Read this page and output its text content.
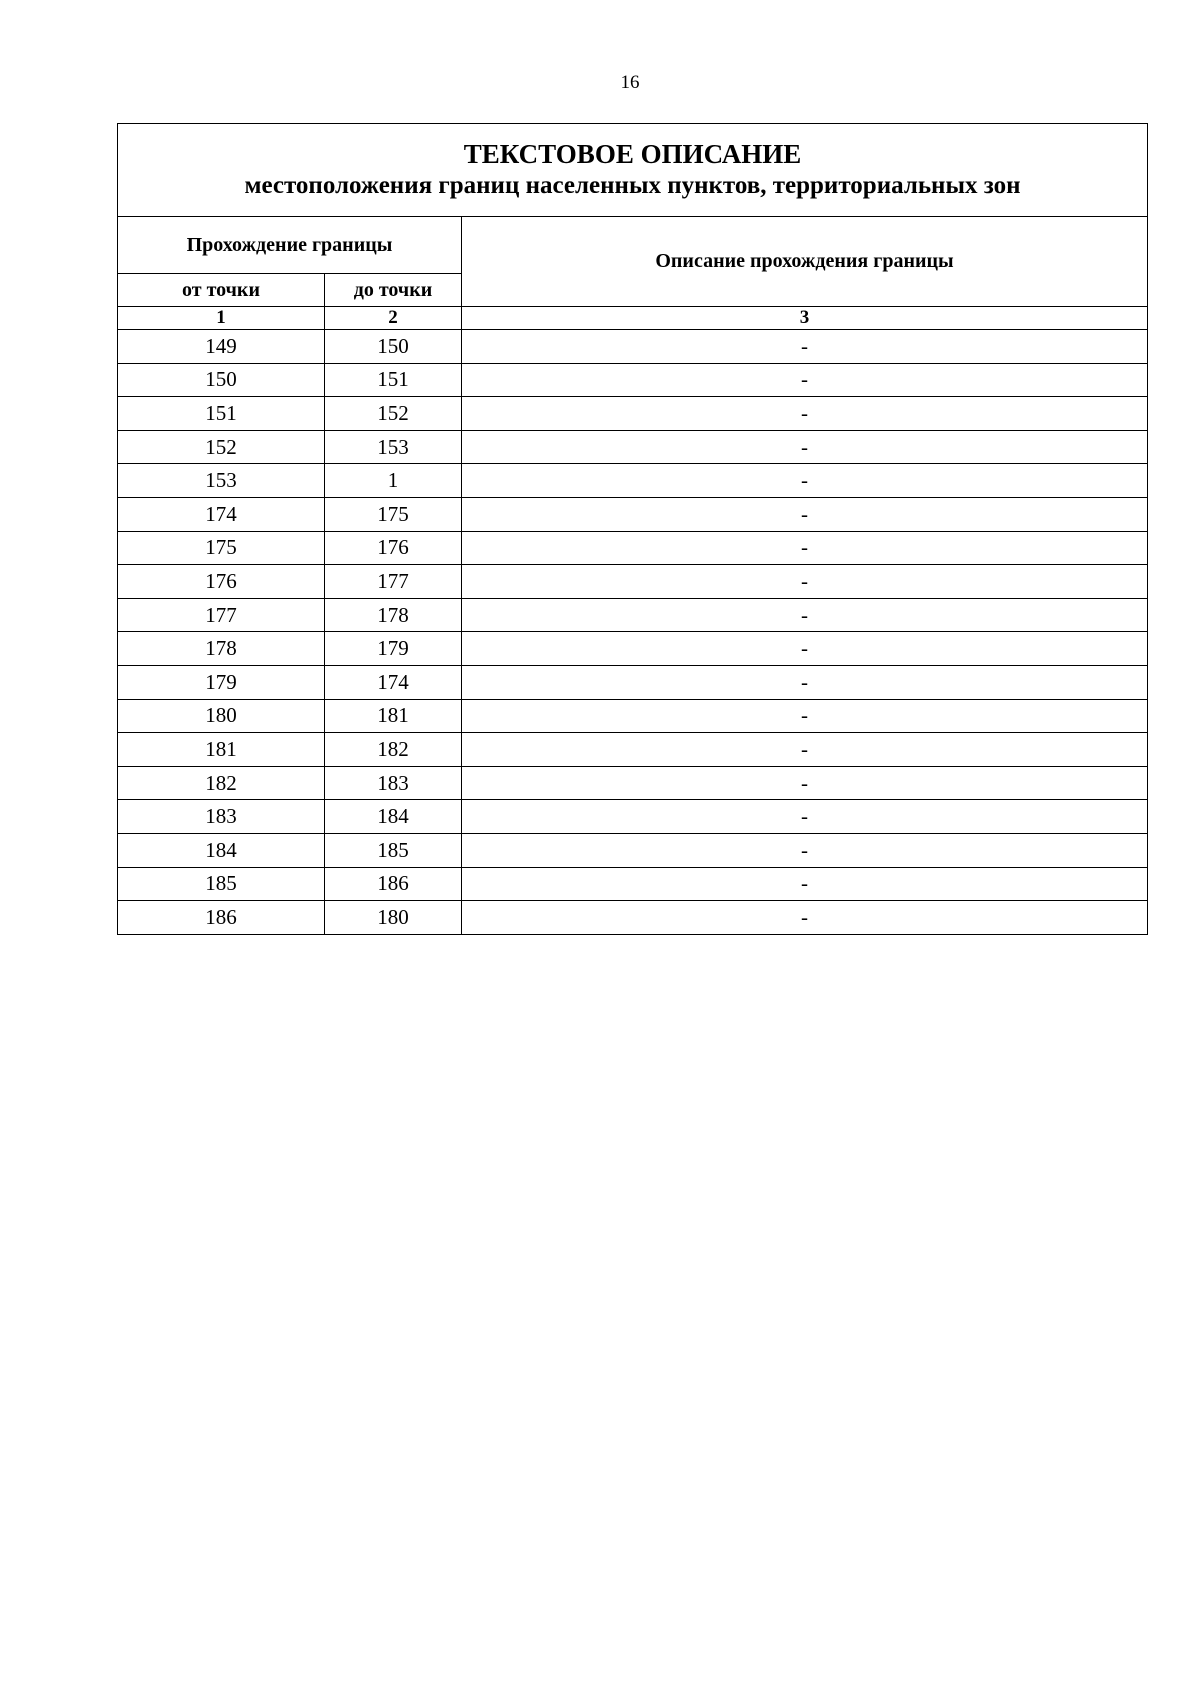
16
ТЕКСТОВОЕ ОПИСАНИЕ
местоположения границ населенных пунктов, территориальных зон		

Прохождение границы		Описание прохождения границы
от точки	до точки	
1	2	3
149	150	-
150	151	-
151	152	-
152	153	-
153	1	-
174	175	-
175	176	-
176	177	-
177	178	-
178	179	-
179	174	-
180	181	-
181	182	-
182	183	-
183	184	-
184	185	-
185	186	-
186	180	-
